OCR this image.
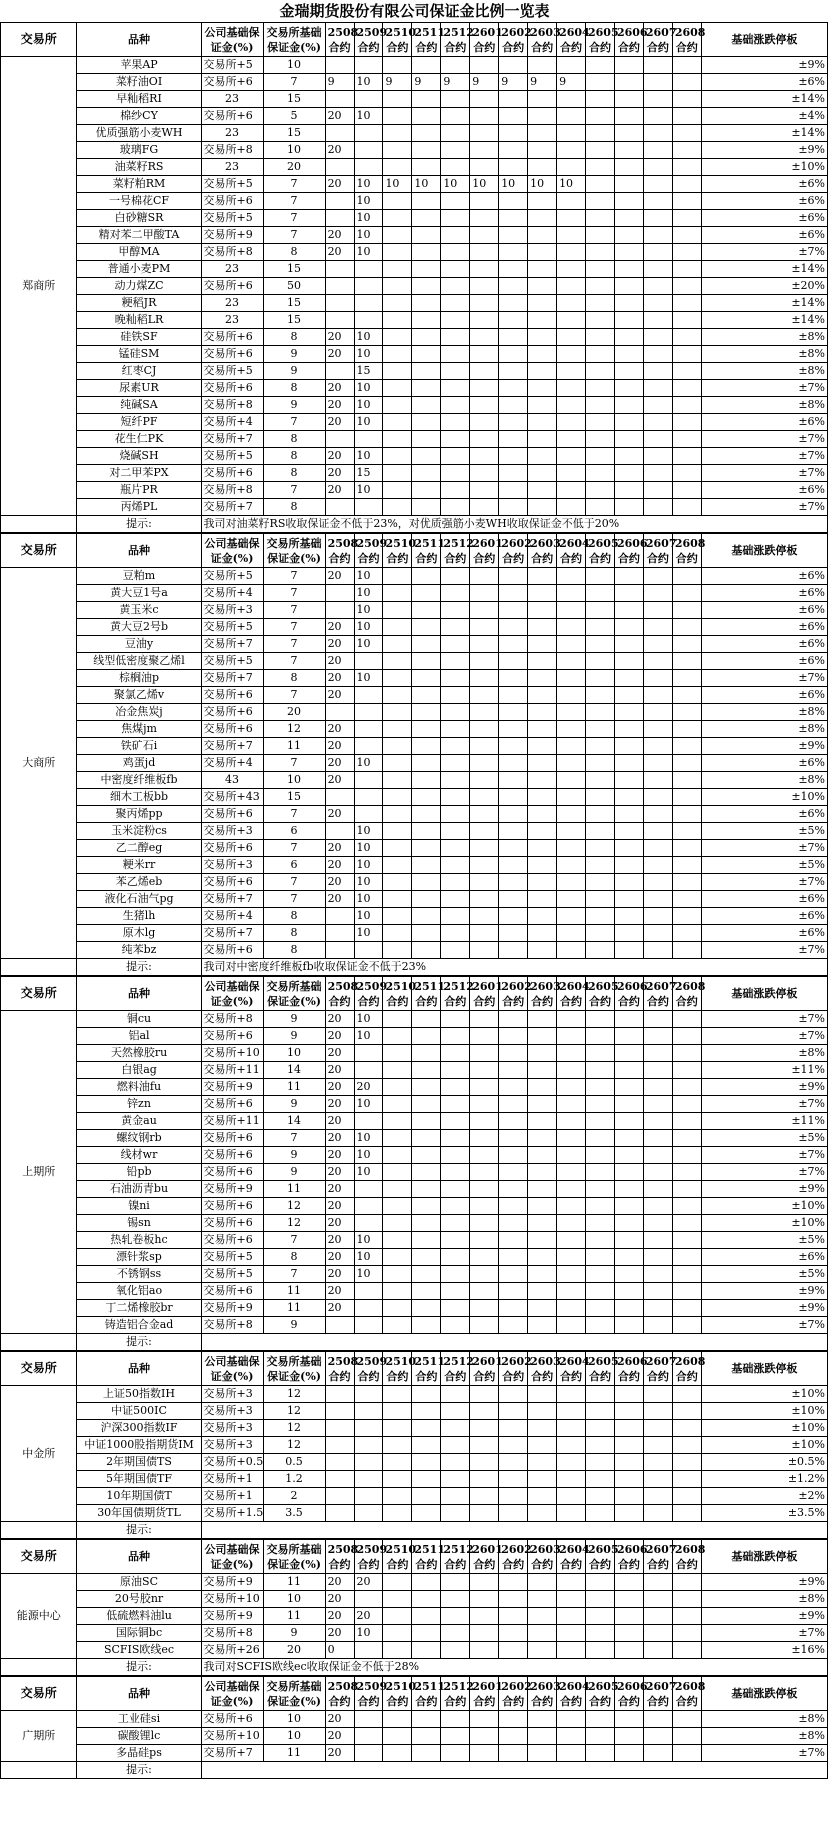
金瑞期货股份有限公司保证金比例一览表
交易所	品种	公司基础保证金(%)	交易所基础保证金(%)	2508合约	2509合约	2510合约	2511合约	2512合约	2601合约	2602合约	2603合约	2604合约	2605合约	2606合约	2607合约	2608合约	基础涨跌停板
郑商所	苹果AP	交易所+5	10														±9%
	菜籽油OI	交易所+6	7	9	10	9	9	9	9	9	9	9					±6%
	早籼稻RI	23	15														±14%
	棉纱CY	交易所+6	5	20	10												±4%
	优质强筋小麦WH	23	15														±14%
	玻璃FG	交易所+8	10	20													±9%
	油菜籽RS	23	20														±10%
	菜籽粕RM	交易所+5	7	20	10	10	10	10	10	10	10	10					±6%
	一号棉花CF	交易所+6	7		10												±6%
	白砂糖SR	交易所+5	7		10												±6%
	精对苯二甲酸TA	交易所+9	7	20	10												±6%
	甲醇MA	交易所+8	8	20	10												±7%
	普通小麦PM	23	15														±14%
	动力煤ZC	交易所+6	50														±20%
	粳稻JR	23	15														±14%
	晚籼稻LR	23	15														±14%
	硅铁SF	交易所+6	8	20	10												±8%
	锰硅SM	交易所+6	9	20	10												±8%
	红枣CJ	交易所+5	9		15												±8%
	尿素UR	交易所+6	8	20	10												±7%
	纯碱SA	交易所+8	9	20	10												±8%
	短纤PF	交易所+4	7	20	10												±6%
	花生仁PK	交易所+7	8														±7%
	烧碱SH	交易所+5	8	20	10												±7%
	对二甲苯PX	交易所+6	8	20	15												±7%
	瓶片PR	交易所+8	7	20	10												±6%
	丙烯PL	交易所+7	8														±7%
	提示:	我司对油菜籽RS收取保证金不低于23%，对优质强筋小麦WH收取保证金不低于20%															
交易所	品种	公司基础保证金(%)	交易所基础保证金(%)	2508合约	2509合约	2510合约	2511合约	2512合约	2601合约	2602合约	2603合约	2604合约	2605合约	2606合约	2607合约	2608合约	基础涨跌停板
大商所	豆粕m	交易所+5	7	20	10												±6%
	黄大豆1号a	交易所+4	7		10												±6%
	黄玉米c	交易所+3	7		10												±6%
	黄大豆2号b	交易所+5	7	20	10												±6%
	豆油y	交易所+7	7	20	10												±6%
	线型低密度聚乙烯l	交易所+5	7	20													±6%
	棕榈油p	交易所+7	8	20	10												±7%
	聚氯乙烯v	交易所+6	7	20													±6%
	冶金焦炭j	交易所+6	20														±8%
	焦煤jm	交易所+6	12	20													±8%
	铁矿石i	交易所+7	11	20													±9%
	鸡蛋jd	交易所+4	7	20	10												±6%
	中密度纤维板fb	43	10	20													±8%
	细木工板bb	交易所+43	15														±10%
	聚丙烯pp	交易所+6	7	20													±6%
	玉米淀粉cs	交易所+3	6		10												±5%
	乙二醇eg	交易所+6	7	20	10												±7%
	粳米rr	交易所+3	6	20	10												±5%
	苯乙烯eb	交易所+6	7	20	10												±7%
	液化石油气pg	交易所+7	7	20	10												±6%
	生猪lh	交易所+4	8		10												±6%
	原木lg	交易所+7	8		10												±6%
	纯苯bz	交易所+6	8														±7%
	提示:	我司对中密度纤维板fb收取保证金不低于23%															
交易所	品种	公司基础保证金(%)	交易所基础保证金(%)	2508合约	2509合约	2510合约	2511合约	2512合约	2601合约	2602合约	2603合约	2604合约	2605合约	2606合约	2607合约	2608合约	基础涨跌停板
上期所	铜cu	交易所+8	9	20	10												±7%
	铝al	交易所+6	9	20	10												±7%
	天然橡胶ru	交易所+10	10	20													±8%
	白银ag	交易所+11	14	20													±11%
	燃料油fu	交易所+9	11	20	20												±9%
	锌zn	交易所+6	9	20	10												±7%
	黄金au	交易所+11	14	20													±11%
	螺纹钢rb	交易所+6	7	20	10												±5%
	线材wr	交易所+6	9	20	10												±7%
	铅pb	交易所+6	9	20	10												±7%
	石油沥青bu	交易所+9	11	20													±9%
	镍ni	交易所+6	12	20													±10%
	锡sn	交易所+6	12	20													±10%
	热轧卷板hc	交易所+6	7	20	10												±5%
	漂针浆sp	交易所+5	8	20	10												±6%
	不锈钢ss	交易所+5	7	20	10												±5%
	氧化铝ao	交易所+6	11	20													±9%
	丁二烯橡胶br	交易所+9	11	20													±9%
	铸造铝合金ad	交易所+8	9														±7%
	提示:																
交易所	品种	公司基础保证金(%)	交易所基础保证金(%)	2508合约	2509合约	2510合约	2511合约	2512合约	2601合约	2602合约	2603合约	2604合约	2605合约	2606合约	2607合约	2608合约	基础涨跌停板
中金所	上证50指数IH	交易所+3	12														±10%
	中证500IC	交易所+3	12														±10%
	沪深300指数IF	交易所+3	12														±10%
	中证1000股指期货IM	交易所+3	12														±10%
	2年期国债TS	交易所+0.5	0.5														±0.5%
	5年期国债TF	交易所+1	1.2														±1.2%
	10年期国债T	交易所+1	2														±2%
	30年国债期货TL	交易所+1.5	3.5														±3.5%
	提示:																
交易所	品种	公司基础保证金(%)	交易所基础保证金(%)	2508合约	2509合约	2510合约	2511合约	2512合约	2601合约	2602合约	2603合约	2604合约	2605合约	2606合约	2607合约	2608合约	基础涨跌停板
能源中心	原油SC	交易所+9	11	20	20												±9%
	20号胶nr	交易所+10	10	20													±8%
	低硫燃料油lu	交易所+9	11	20	20												±9%
	国际铜bc	交易所+8	9	20	10												±7%
	SCFIS欧线ec	交易所+26	20	0													±16%
	提示:	我司对SCFIS欧线ec收取保证金不低于28%															
交易所	品种	公司基础保证金(%)	交易所基础保证金(%)	2508合约	2509合约	2510合约	2511合约	2512合约	2601合约	2602合约	2603合约	2604合约	2605合约	2606合约	2607合约	2608合约	基础涨跌停板
广期所	工业硅si	交易所+6	10	20													±8%
	碳酸锂lc	交易所+10	10	20													±8%
	多晶硅ps	交易所+7	11	20													±7%
	提示:																
